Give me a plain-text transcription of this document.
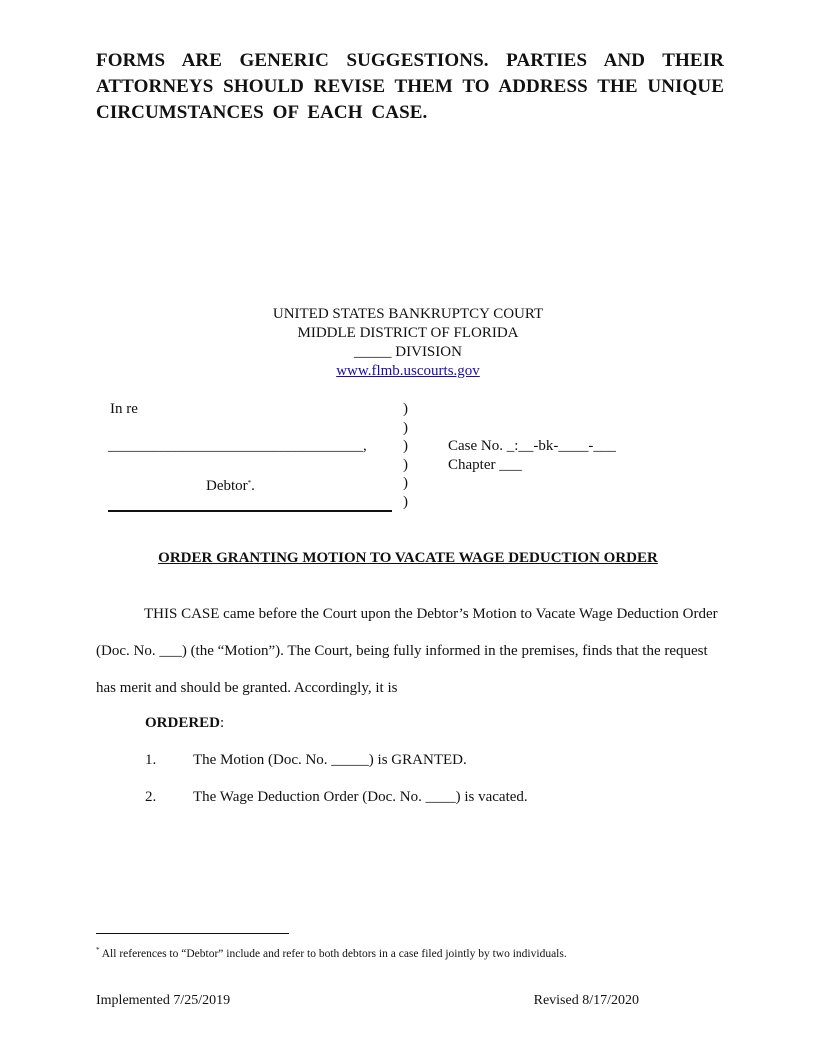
FORMS ARE GENERIC SUGGESTIONS. PARTIES AND THEIR ATTORNEYS SHOULD REVISE THEM TO ADDRESS THE UNIQUE CIRCUMSTANCES OF EACH CASE.
UNITED STATES BANKRUPTCY COURT
MIDDLE DISTRICT OF FLORIDA
_____ DIVISION
www.flmb.uscourts.gov
In re
__________________________________,
Debtor*.
)
)
)
)
)
)
Case No. _:__-bk-____-___
Chapter ___
ORDER GRANTING MOTION TO VACATE WAGE DEDUCTION ORDER
THIS CASE came before the Court upon the Debtor’s Motion to Vacate Wage Deduction Order (Doc. No. ___) (the “Motion”). The Court, being fully informed in the premises, finds that the request has merit and should be granted. Accordingly, it is
ORDERED:
1. The Motion (Doc. No. _____) is GRANTED.
2. The Wage Deduction Order (Doc. No. ____) is vacated.
* All references to “Debtor” include and refer to both debtors in a case filed jointly by two individuals.
Implemented 7/25/2019	Revised 8/17/2020
